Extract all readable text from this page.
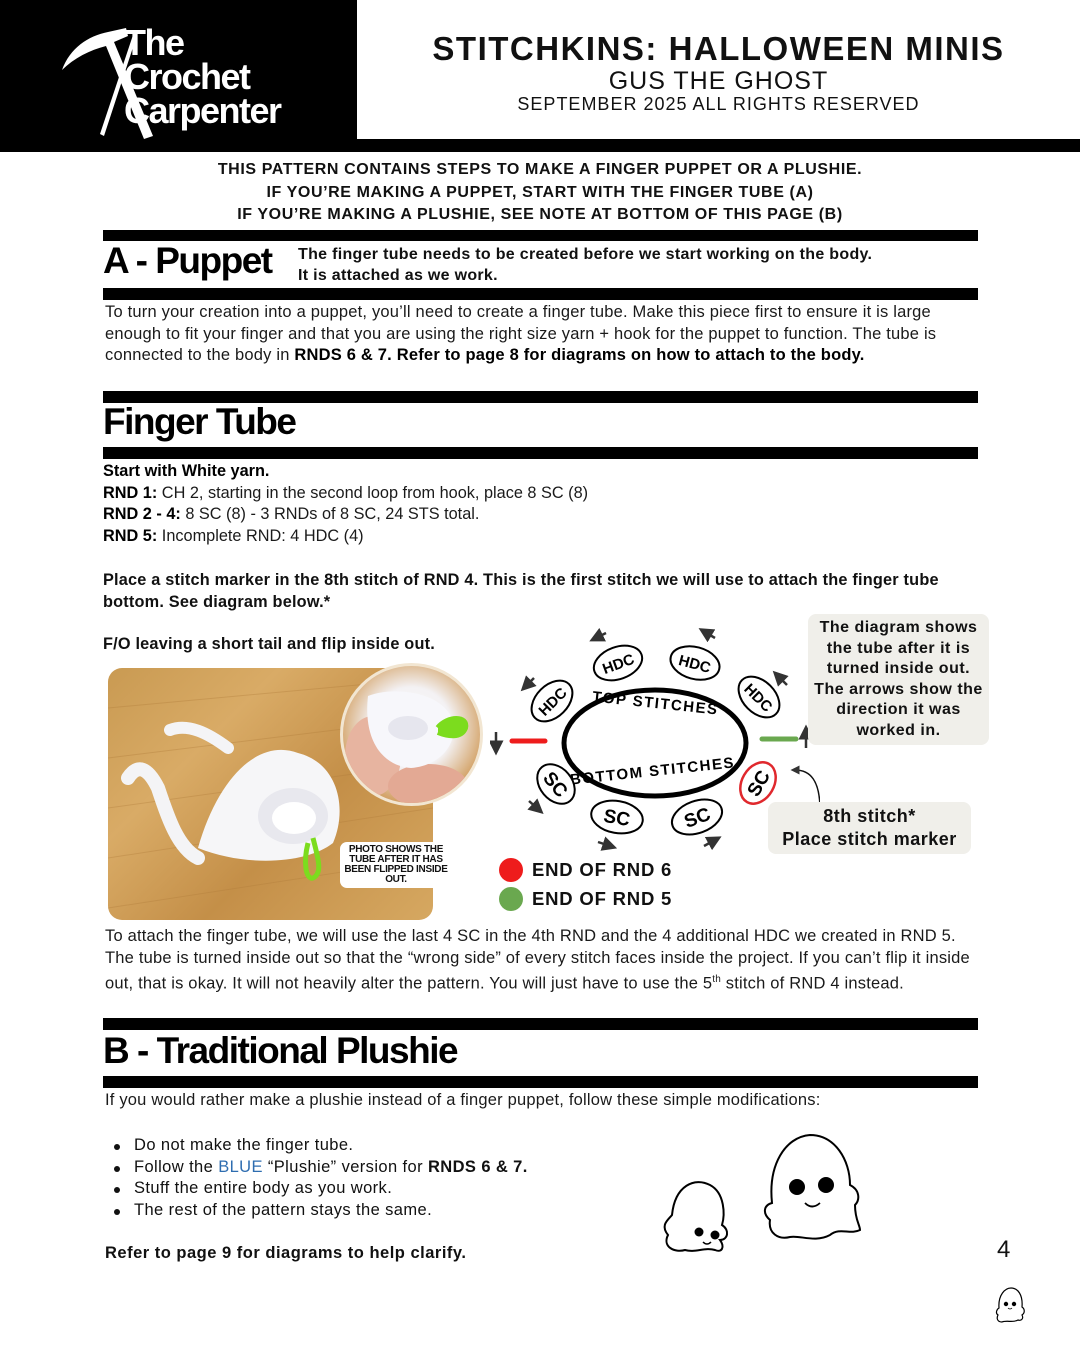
The
Crochet
Carpenter
STITCHKINS: HALLOWEEN MINIS
GUS THE GHOST
SEPTEMBER 2025 ALL RIGHTS RESERVED
THIS PATTERN CONTAINS STEPS TO MAKE A FINGER PUPPET OR A PLUSHIE.
IF YOU’RE MAKING A PUPPET, START WITH THE FINGER TUBE (A)
IF YOU’RE MAKING A PLUSHIE, SEE NOTE AT BOTTOM OF THIS PAGE (B)
A - Puppet The finger tube needs to be created before we start working on the body.
It is attached as we work.
To turn your creation into a puppet, you’ll need to create a finger tube. Make this piece first to ensure it is large enough to fit your finger and that you are using the right size yarn + hook for the puppet to function. The tube is connected to the body in RNDS 6 & 7. Refer to page 8 for diagrams on how to attach to the body.
Finger Tube
Start with White yarn.
RND 1: CH 2, starting in the second loop from hook, place 8 SC (8)
RND 2 - 4: 8 SC (8) - 3 RNDs of 8 SC, 24 STS total.
RND 5: Incomplete RND: 4 HDC (4)
Place a stitch marker in the 8th stitch of RND 4. This is the first stitch we will use to attach the finger tube bottom. See diagram below.*
F/O leaving a short tail and flip inside out.
PHOTO SHOWS THE TUBE AFTER IT HAS BEEN FLIPPED INSIDE OUT.
TOP STITCHES
BOTTOM STITCHES
HDC
HDC	HDC
HDC
SC
SC	SC
SC
The diagram shows the tube after it is turned inside out. The arrows show the direction it was worked in.
8th stitch*
Place stitch marker
END OF RND 6
END OF RND 5
To attach the finger tube, we will use the last 4 SC in the 4th RND and the 4 additional HDC we created in RND 5. The tube is turned inside out so that the “wrong side” of every stitch faces inside the project. If you can’t flip it inside out, that is okay. It will not heavily alter the pattern. You will just have to use the 5th stitch of RND 4 instead.
B - Traditional Plushie
If you would rather make a plushie instead of a finger puppet, follow these simple modifications:
Do not make the finger tube.
Follow the BLUE “Plushie” version for RNDS 6 & 7.
Stuff the entire body as you work.
The rest of the pattern stays the same.
Refer to page 9 for diagrams to help clarify.	4
